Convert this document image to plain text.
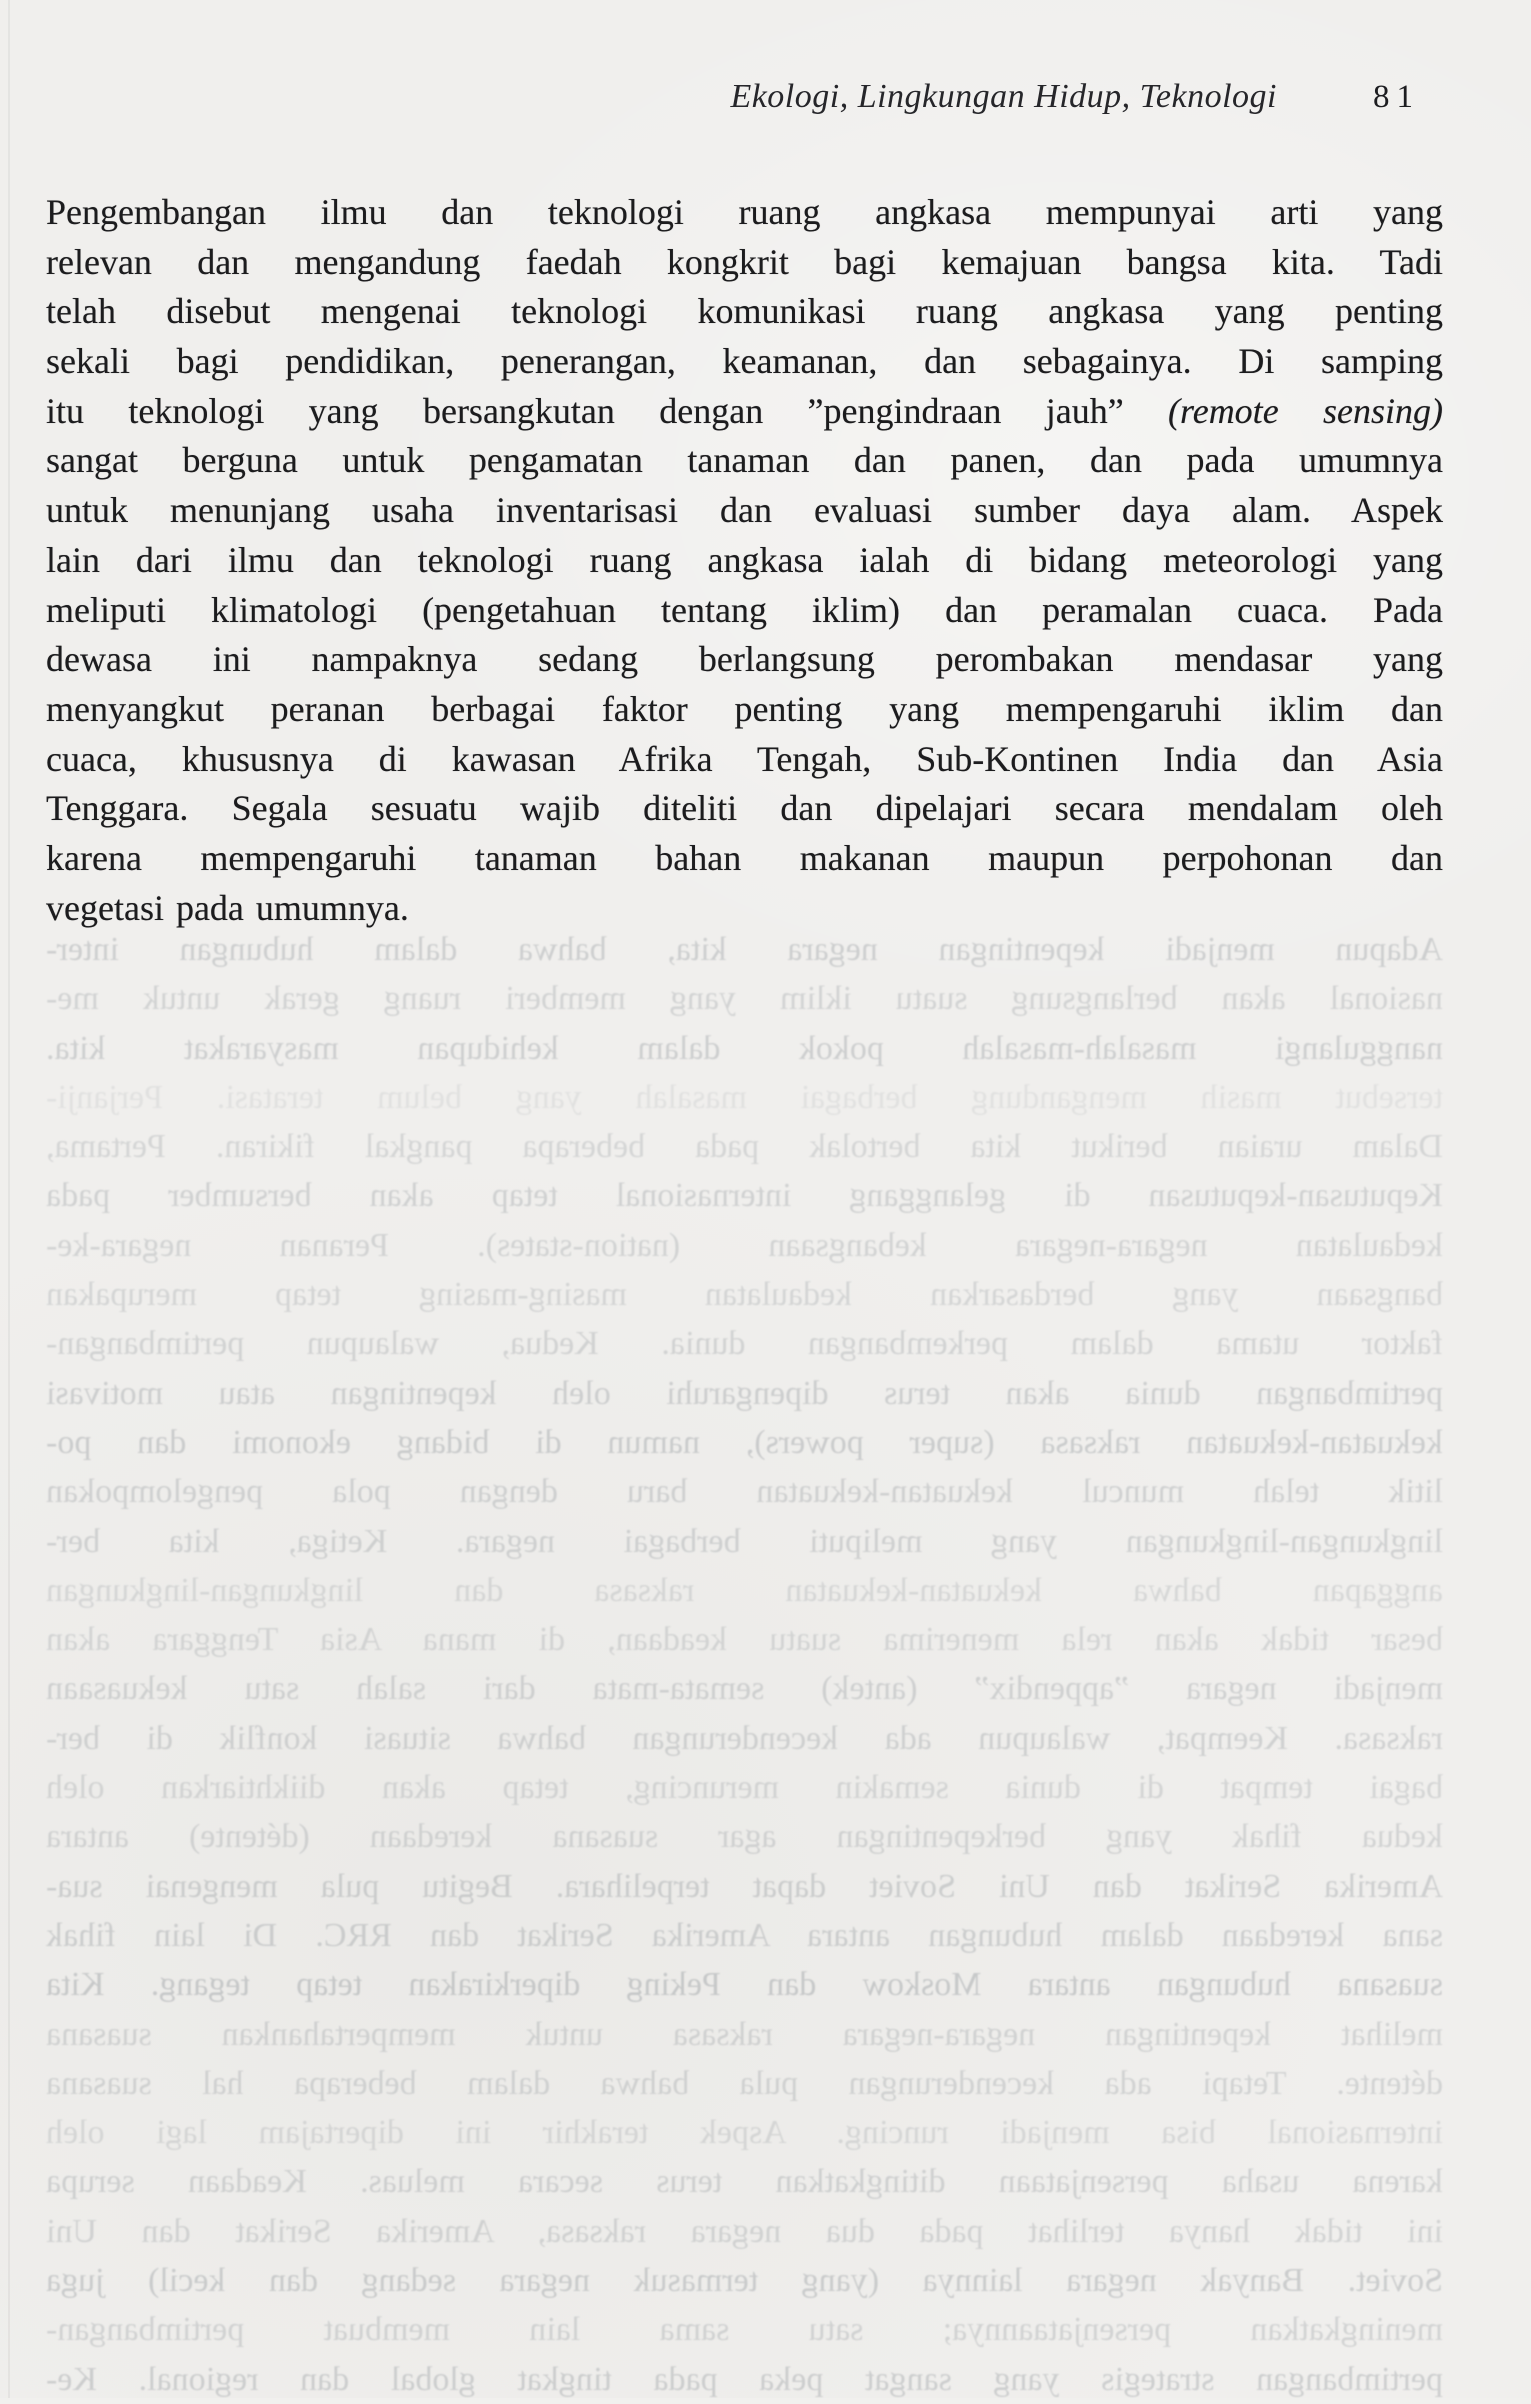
Ekologi, Lingkungan Hidup, Teknologi	81
Pengembangan ilmu dan teknologi ruang angkasa mempunyai arti yang
relevan dan mengandung faedah kongkrit bagi kemajuan bangsa kita. Tadi
telah disebut mengenai teknologi komunikasi ruang angkasa yang penting
sekali bagi pendidikan, penerangan, keamanan, dan sebagainya. Di samping
itu teknologi yang bersangkutan dengan ”pengindraan jauh” (remote sensing)
sangat berguna untuk pengamatan tanaman dan panen, dan pada umumnya
untuk menunjang usaha inventarisasi dan evaluasi sumber daya alam. Aspek
lain dari ilmu dan teknologi ruang angkasa ialah di bidang meteorologi yang
meliputi klimatologi (pengetahuan tentang iklim) dan peramalan cuaca. Pada
dewasa ini nampaknya sedang berlangsung perombakan mendasar yang
menyangkut peranan berbagai faktor penting yang mempengaruhi iklim dan
cuaca, khususnya di kawasan Afrika Tengah, Sub-Kontinen India dan Asia
Tenggara. Segala sesuatu wajib diteliti dan dipelajari secara mendalam oleh
karena mempengaruhi tanaman bahan makanan maupun perpohonan dan
vegetasi pada umumnya.
Adapun menjadi kepentingan negara kita, bahwa dalam hubungan inter-
nasional akan berlangsung suatu iklim yang memberi ruang gerak untuk me-
nanggulangi masalah-masalah pokok dalam kehidupan masyarakat kita.
tersebut masih mengandung berbagai masalah yang belum teratasi. Perjanji-
Dalam uraian berikut kita bertolak pada beberapa pangkal fikiran. Pertama,
Keputusan-keputusan di gelanggang internasional tetap akan bersumber pada
kedaulatan negara-negara kebangsaan (nation-states). Peranan negara-ke-
bangsaan yang berdasarkan kedaulatan masing-masing tetap merupakan
faktor utama dalam perkembangan dunia. Kedua, walaupun pertimbangan-
pertimbangan dunia akan terus dipengaruhi oleh kepentingan atau motivasi
kekuatan-kekuatan raksasa (super powers), namun di bidang ekonomi dan po-
litik telah muncul kekuatan-kekuatan baru dengan pola pengelompokan
lingkungan-lingkungan yang meliputi berbagai negara. Ketiga, kita ber-
anggapan bahwa kekuatan-kekuatan raksasa dan lingkungan-lingkungan
besar tidak akan rela menerima suatu keadaan, di mana Asia Tenggara akan
menjadi negara ”appendix” (antek) semata-mata dari salah satu kekuasaan
raksasa. Keempat, walaupun ada kecenderungan bahwa situasi konflik di ber-
bagai tempat di dunia semakin meruncing, tetap akan diikhtiarkan oleh
kedua fihak yang berkepentingan agar suasana keredaan (détente) antara
Amerika Serikat dan Uni Soviet dapat terpelihara. Begitu pula mengenai sua-
sana keredaan dalam hubungan antara Amerika Serikat dan RRC. Di lain fihak
suasana hubungan antara Moskow dan Peking diperkirakan tetap tegang. Kita
melihat kepentingan negara-negara raksasa untuk mempertahankan suasana
détente. Tetapi ada kecenderungan pula bahwa dalam beberapa hal suasana
internasional bisa menjadi runcing. Aspek terakhir ini dipertajam lagi oleh
karena usaha persenjataan ditingkatkan terus secara meluas. Keadaan serupa
ini tidak hanya terlihat pada dua negara raksasa, Amerika Serikat dan Uni
Soviet. Banyak negara lainnya (yang termasuk negara sedang dan kecil) juga
meningkatkan persenjataannya; satu sama lain membuat pertimbangan-
pertimbangan strategis yang sangat peka pada tingkat global dan regional. Ke-
